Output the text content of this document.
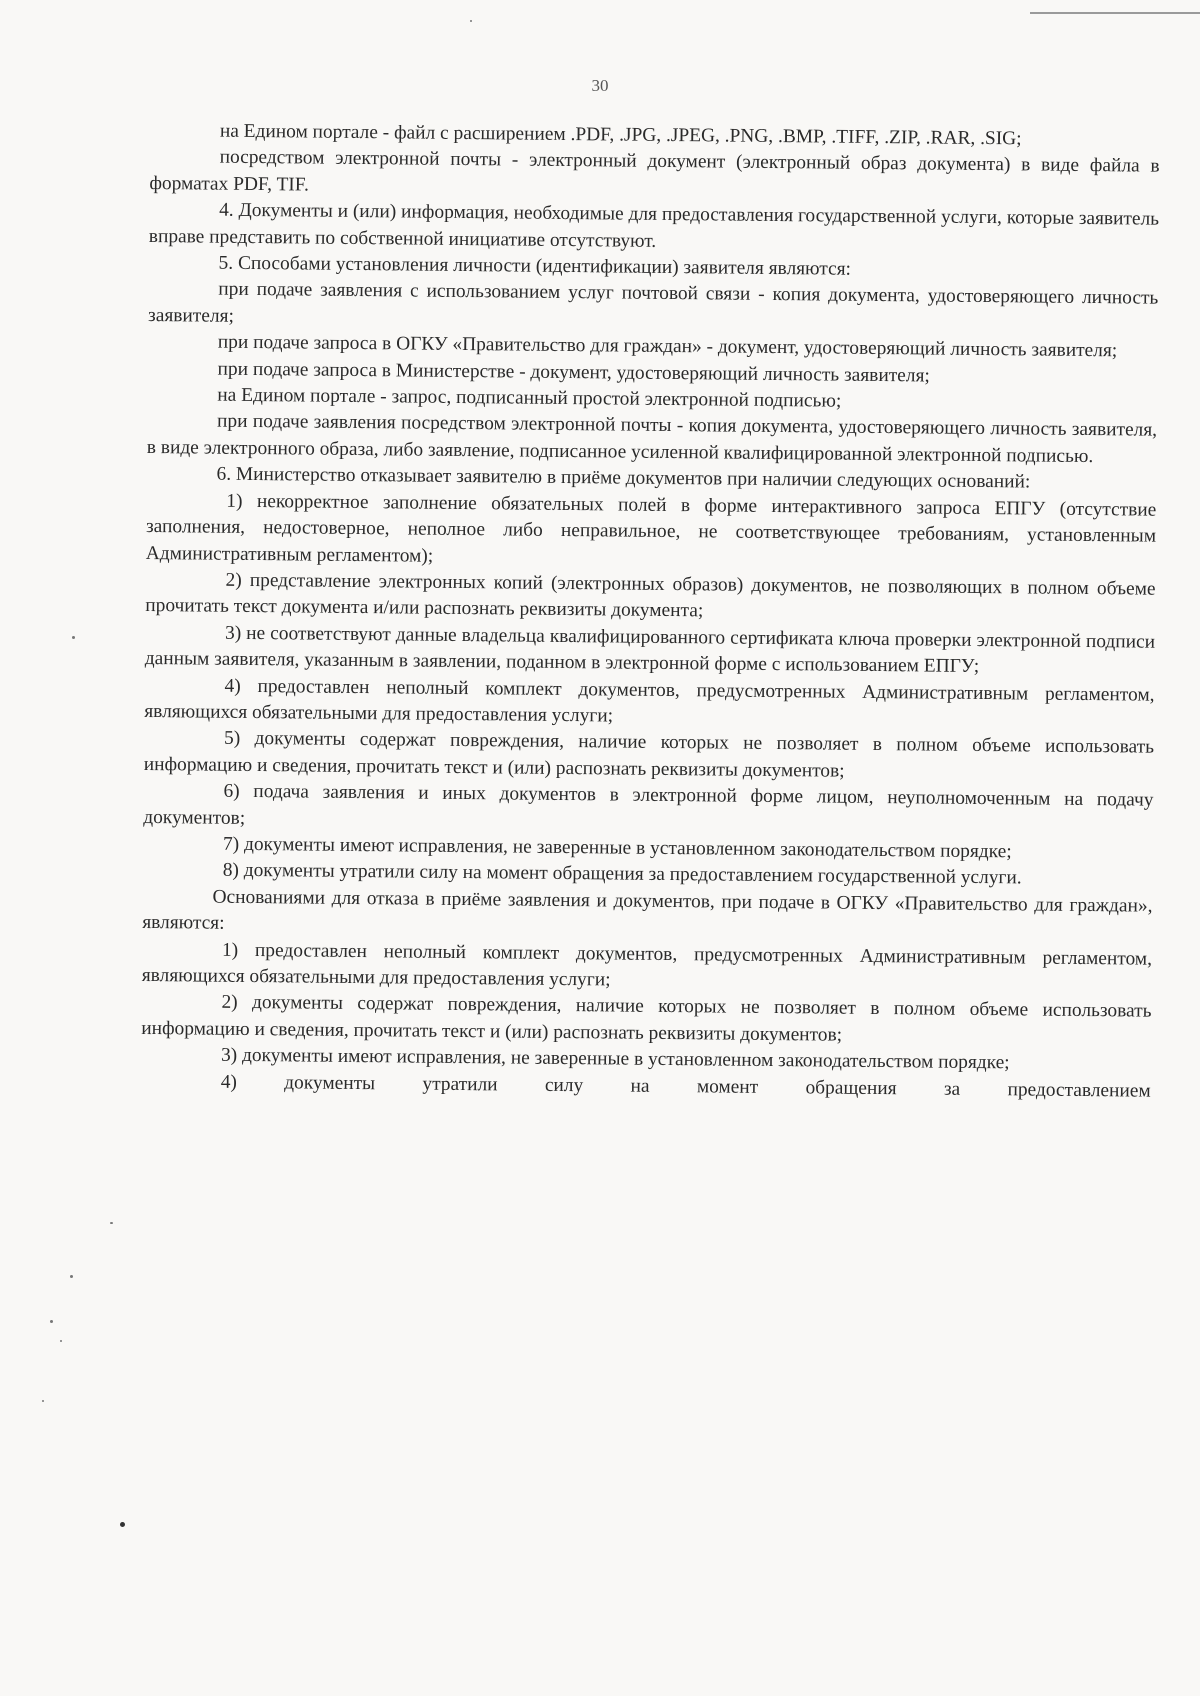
30

на Едином портале - файл с расширением .PDF, .JPG, .JPEG, .PNG, .BMP, .TIFF, .ZIP, .RAR, .SIG;

посредством электронной почты - электронный документ (электронный образ документа) в виде файла в форматах PDF, TIF.

4. Документы и (или) информация, необходимые для предоставления государственной услуги, которые заявитель вправе представить по собственной инициативе отсутствуют.

5. Способами установления личности (идентификации) заявителя являются:

при подаче заявления с использованием услуг почтовой связи - копия документа, удостоверяющего личность заявителя;

при подаче запроса в ОГКУ «Правительство для граждан» - документ, удостоверяющий личность заявителя;

при подаче запроса в Министерстве - документ, удостоверяющий личность заявителя;

на Едином портале - запрос, подписанный простой электронной подписью;

при подаче заявления посредством электронной почты - копия документа, удостоверяющего личность заявителя, в виде электронного образа, либо заявление, подписанное усиленной квалифицированной электронной подписью.

6. Министерство отказывает заявителю в приёме документов при наличии следующих оснований:

1) некорректное заполнение обязательных полей в форме интерактивного запроса ЕПГУ (отсутствие заполнения, недостоверное, неполное либо неправильное, не соответствующее требованиям, установленным Административным регламентом);

2) представление электронных копий (электронных образов) документов, не позволяющих в полном объеме прочитать текст документа и/или распознать реквизиты документа;

3) не соответствуют данные владельца квалифицированного сертификата ключа проверки электронной подписи данным заявителя, указанным в заявлении, поданном в электронной форме с использованием ЕПГУ;

4) предоставлен неполный комплект документов, предусмотренных Административным регламентом, являющихся обязательными для предоставления услуги;

5) документы содержат повреждения, наличие которых не позволяет в полном объеме использовать информацию и сведения, прочитать текст и (или) распознать реквизиты документов;

6) подача заявления и иных документов в электронной форме лицом, неуполномоченным на подачу документов;

7) документы имеют исправления, не заверенные в установленном законодательством порядке;

8) документы утратили силу на момент обращения за предоставлением государственной услуги.

Основаниями для отказа в приёме заявления и документов, при подаче в ОГКУ «Правительство для граждан», являются:

1) предоставлен неполный комплект документов, предусмотренных Административным регламентом, являющихся обязательными для предоставления услуги;

2) документы содержат повреждения, наличие которых не позволяет в полном объеме использовать информацию и сведения, прочитать текст и (или) распознать реквизиты документов;

3) документы имеют исправления, не заверенные в установленном законодательством порядке;

4) документы утратили силу на момент обращения за предоставлением
